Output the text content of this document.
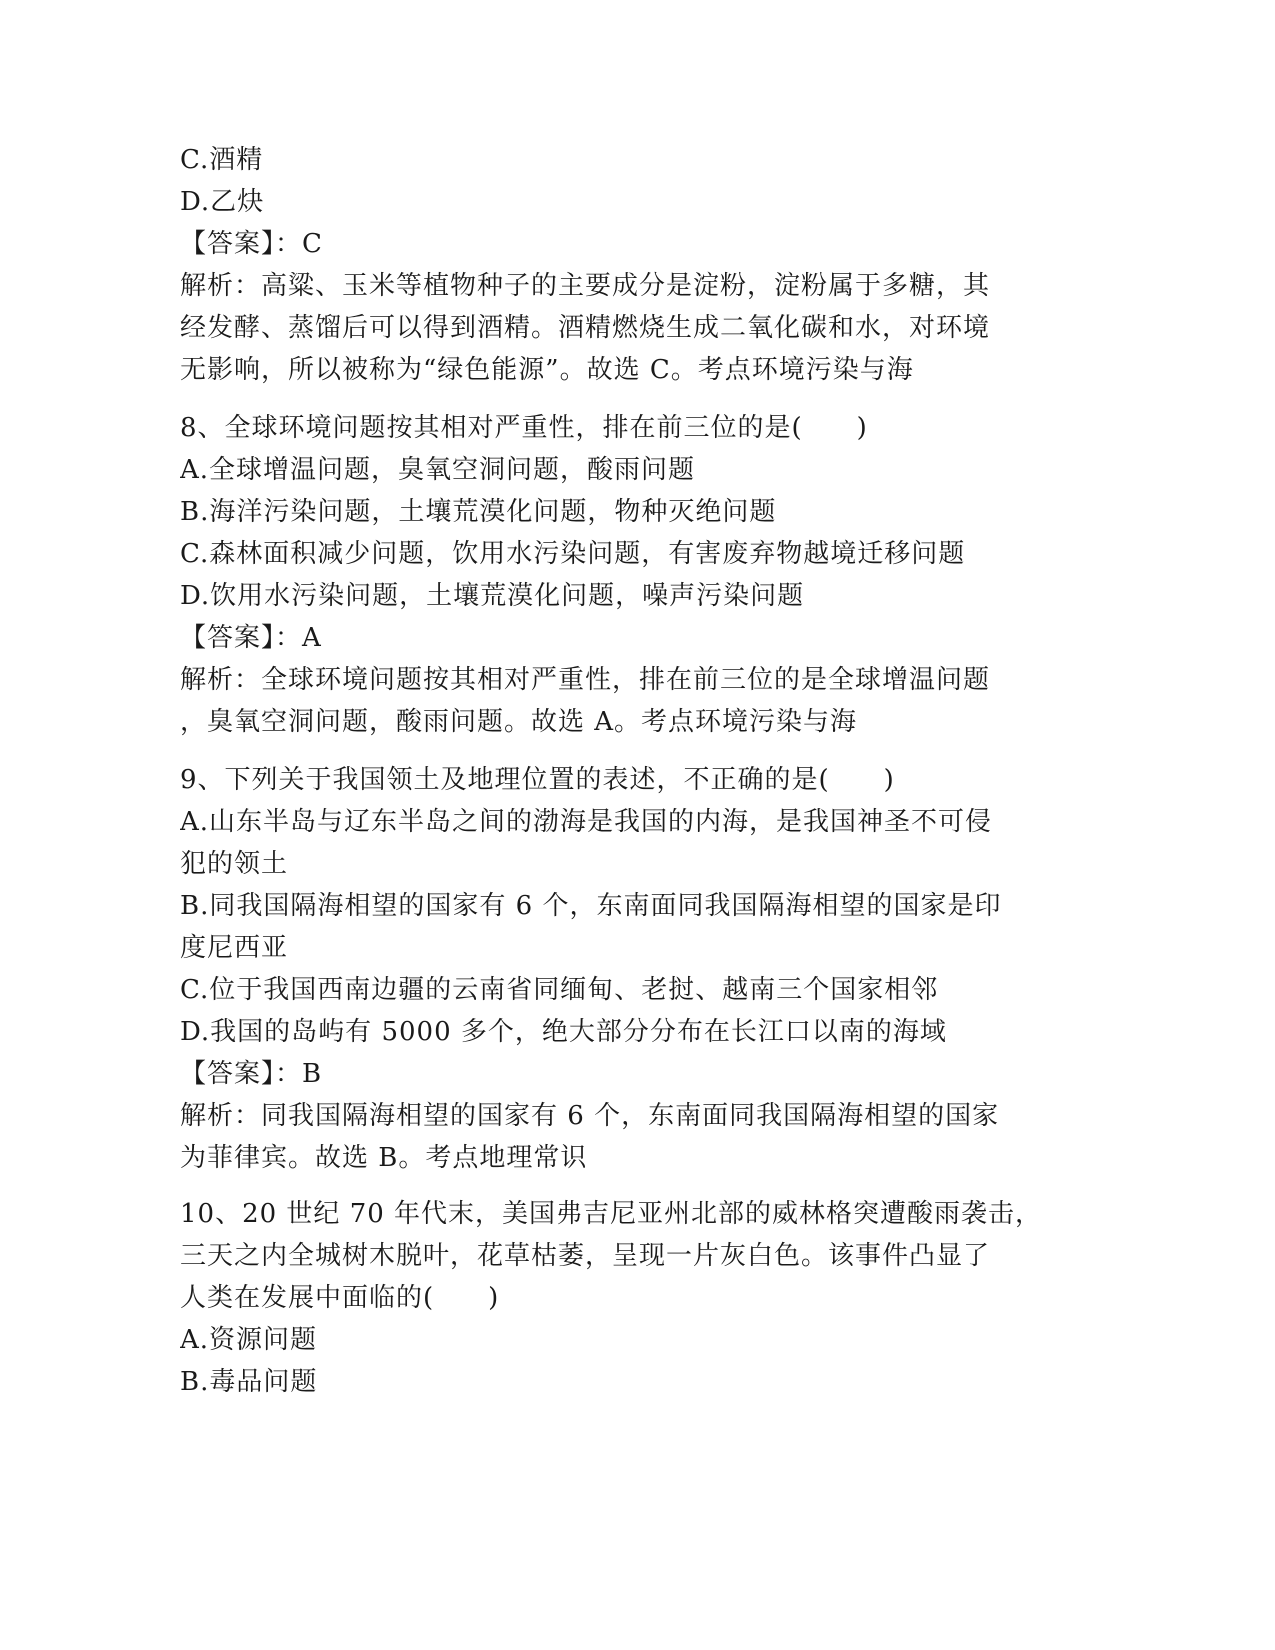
C.酒精
D.乙炔
【答案】：C
解析：高粱、玉米等植物种子的主要成分是淀粉，淀粉属于多糖，其
经发酵、蒸馏后可以得到酒精。酒精燃烧生成二氧化碳和水，对环境
无影响，所以被称为“绿色能源”。故选 C。考点环境污染与海
8、全球环境问题按其相对严重性，排在前三位的是(　　)
A.全球增温问题，臭氧空洞问题，酸雨问题
B.海洋污染问题，土壤荒漠化问题，物种灭绝问题
C.森林面积减少问题，饮用水污染问题，有害废弃物越境迁移问题
D.饮用水污染问题，土壤荒漠化问题，噪声污染问题
【答案】：A
解析：全球环境问题按其相对严重性，排在前三位的是全球增温问题
，臭氧空洞问题，酸雨问题。故选 A。考点环境污染与海
9、下列关于我国领土及地理位置的表述，不正确的是(　　)
A.山东半岛与辽东半岛之间的渤海是我国的内海，是我国神圣不可侵
犯的领土
B.同我国隔海相望的国家有 6 个，东南面同我国隔海相望的国家是印
度尼西亚
C.位于我国西南边疆的云南省同缅甸、老挝、越南三个国家相邻
D.我国的岛屿有 5000 多个，绝大部分分布在长江口以南的海域
【答案】：B
解析：同我国隔海相望的国家有 6 个，东南面同我国隔海相望的国家
为菲律宾。故选 B。考点地理常识
10、20 世纪 70 年代末，美国弗吉尼亚州北部的威林格突遭酸雨袭击，
三天之内全城树木脱叶，花草枯萎，呈现一片灰白色。该事件凸显了
人类在发展中面临的(　　)
A.资源问题
B.毒品问题
